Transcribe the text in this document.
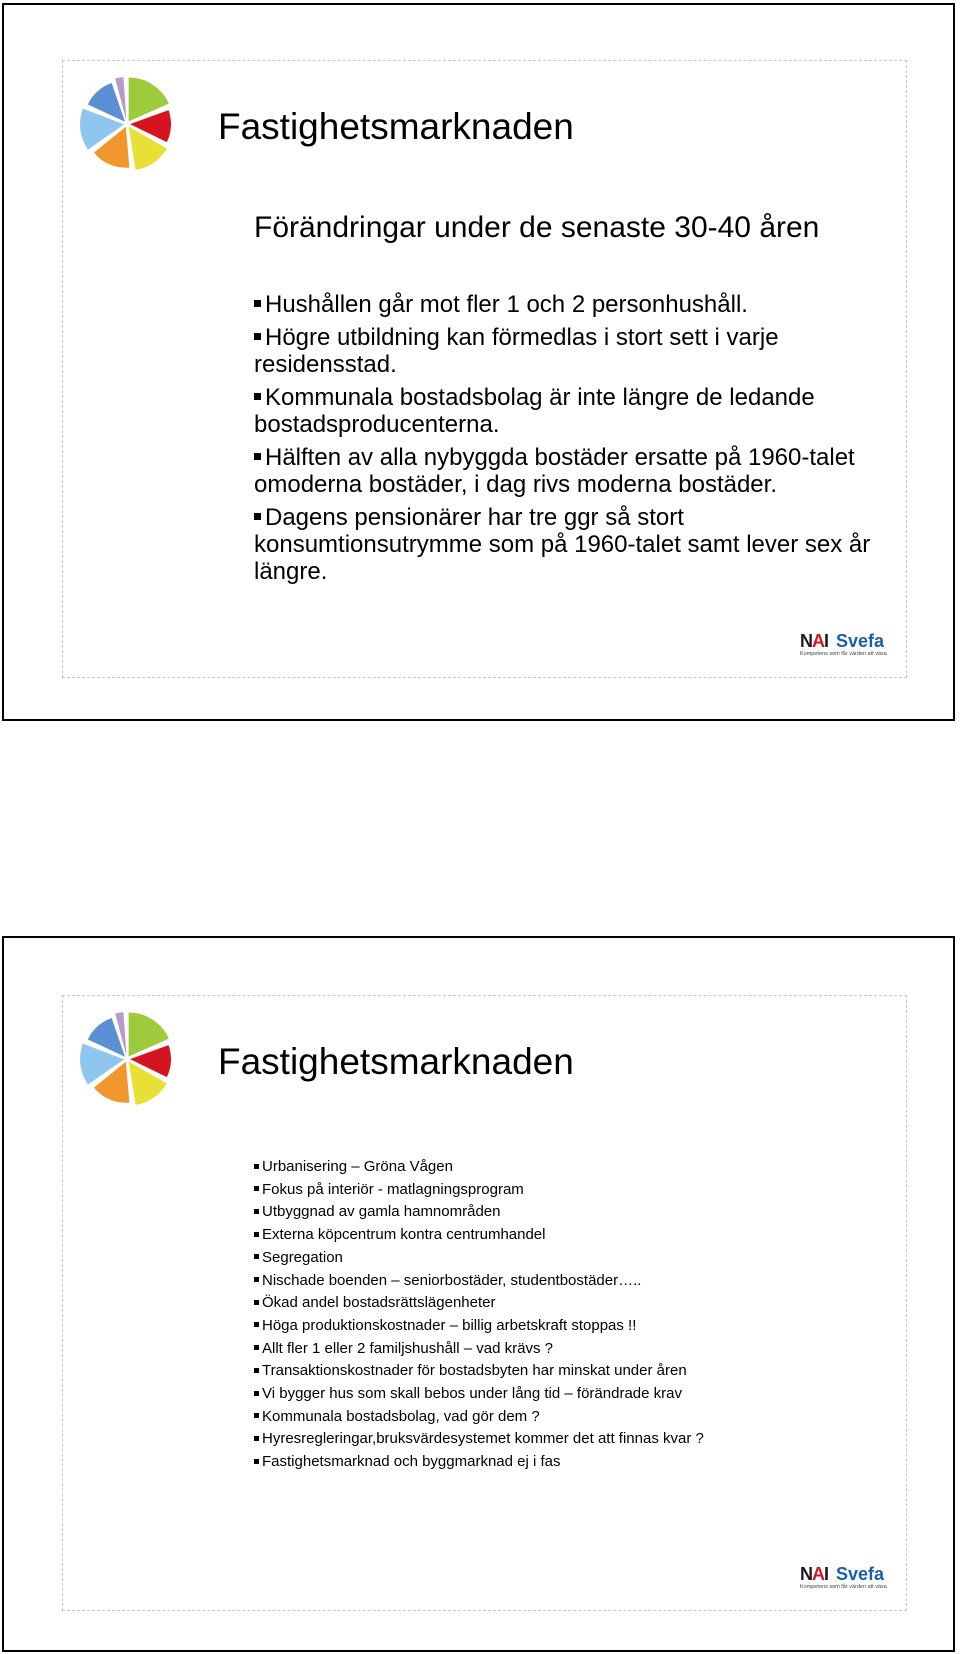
Fastighetsmarknaden
Förändringar under de senaste 30-40 åren
Hushållen går mot fler 1 och 2 personhushåll.
Högre utbildning kan förmedlas i stort sett i varje residensstad.
Kommunala bostadsbolag är inte längre de ledande bostadsproducenterna.
Hälften av alla nybyggda bostäder ersatte på 1960-talet omoderna bostäder, i dag rivs moderna bostäder.
Dagens pensionärer har tre ggr så stort konsumtionsutrymme som på 1960-talet samt lever sex år längre.
NAI Svefa
Kompetens som får värden att växa
Fastighetsmarknaden
Urbanisering – Gröna Vågen
Fokus på interiör - matlagningsprogram
Utbyggnad av gamla hamnområden
Externa köpcentrum kontra centrumhandel
Segregation
Nischade boenden – seniorbostäder, studentbostäder…..
Ökad andel bostadsrättslägenheter
Höga produktionskostnader – billig arbetskraft stoppas !!
Allt fler 1 eller 2 familjshushåll – vad krävs ?
Transaktionskostnader för bostadsbyten har minskat under åren
Vi bygger hus som skall bebos under lång tid – förändrade krav
Kommunala bostadsbolag, vad gör dem ?
Hyresregleringar,bruksvärdesystemet kommer det att finnas kvar ?
Fastighetsmarknad och byggmarknad ej i fas
NAI Svefa
Kompetens som får värden att växa
